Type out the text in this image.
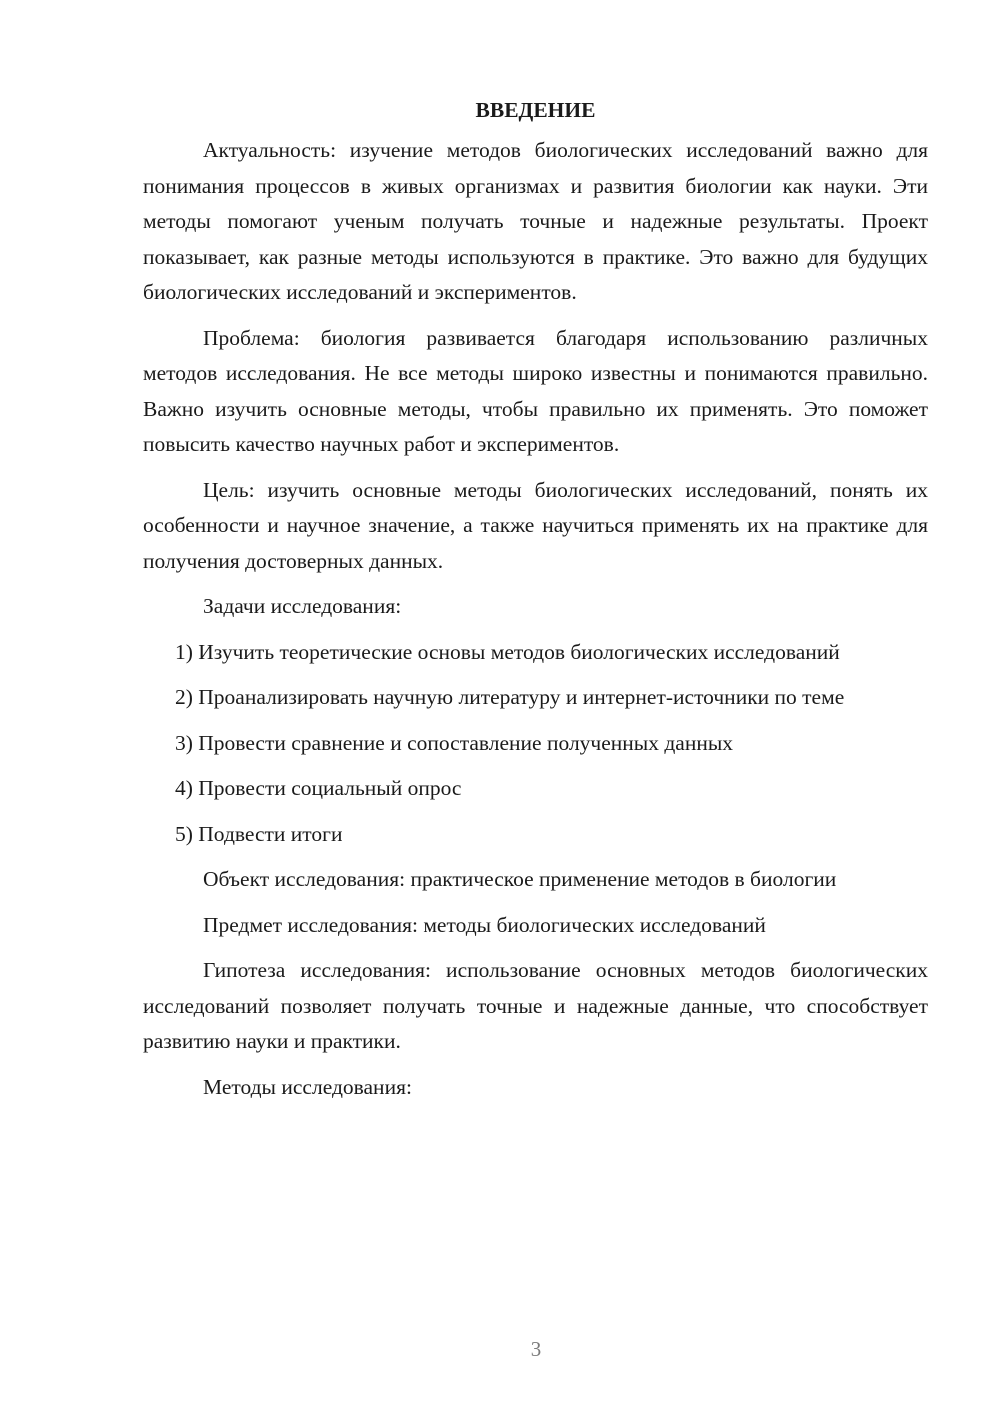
ВВЕДЕНИЕ

Актуальность: изучение методов биологических исследований важно для понимания процессов в живых организмах и развития биологии как науки. Эти методы помогают ученым получать точные и надежные результаты. Проект показывает, как разные методы используются в практике. Это важно для будущих биологических исследований и экспериментов.

Проблема: биология развивается благодаря использованию различных методов исследования. Не все методы широко известны и понимаются правильно. Важно изучить основные методы, чтобы правильно их применять. Это поможет повысить качество научных работ и экспериментов.

Цель: изучить основные методы биологических исследований, понять их особенности и научное значение, а также научиться применять их на практике для получения достоверных данных.

Задачи исследования:

1) Изучить теоретические основы методов биологических исследований

2) Проанализировать научную литературу и интернет-источники по теме

3) Провести сравнение и сопоставление полученных данных

4) Провести социальный опрос

5) Подвести итоги

Объект исследования: практическое применение методов в биологии

Предмет исследования: методы биологических исследований

Гипотеза исследования: использование основных методов биологических исследований позволяет получать точные и надежные данные, что способствует развитию науки и практики.

Методы исследования:

3
